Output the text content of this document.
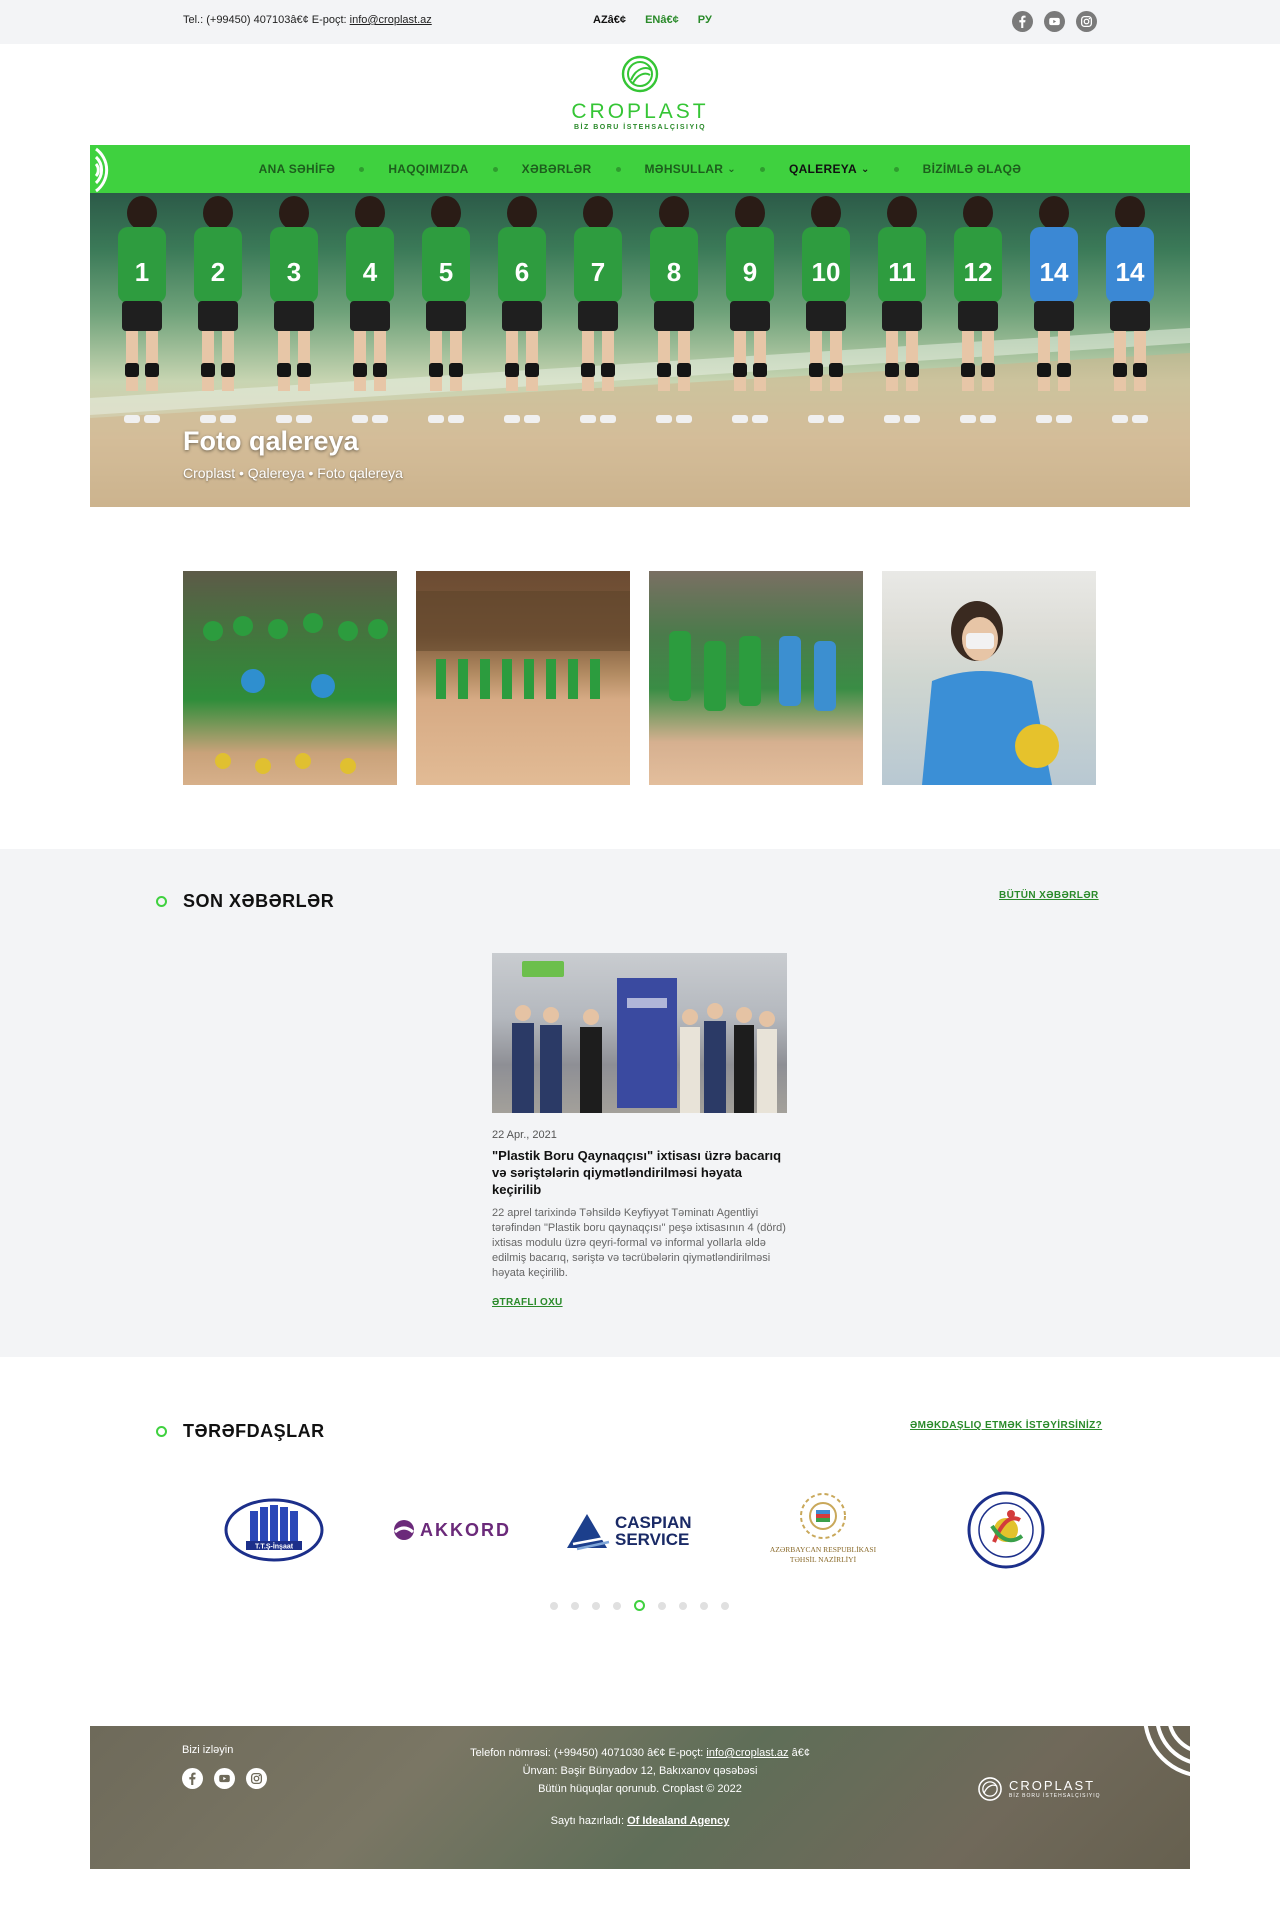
Tel.: (+99450) 407103â€¢ E-poçt: info@croplast.az	AZâ€¢ ENâ€¢ РУ
CROPLAST
BİZ BORU İSTEHSALÇISIYIQ
ANA SƏHİFƏ	HAQQIMIZDA	XƏBƏRLƏR	MƏHSULLAR ⌄	QALEREYA ⌄	BİZİMLƏ ƏLAQƏ
1 2 3 4 5 6 7 8 9 10 11 12 14 14
Foto qalereya
Croplast • Qalereya • Foto qalereya
SON XƏBƏRLƏR	BÜTÜN XƏBƏRLƏR
22 Apr., 2021
"Plastik Boru Qaynaqçısı" ixtisası üzrə bacarıq və səriştələrin qiymətləndirilməsi həyata keçirilib
22 aprel tarixində Təhsildə Keyfiyyət Təminatı Agentliyi tərəfindən "Plastik boru qaynaqçısı" peşə ixtisasının 4 (dörd) ixtisas modulu üzrə qeyri-formal və informal yollarla əldə edilmiş bacarıq, səriştə və təcrübələrin qiymətləndirilməsi həyata keçirilib.
ƏTRAFLI OXU
TƏRƏFDAŞLAR	ƏMƏKDAŞLIQ ETMƏK İSTƏYİRSİNİZ?
T.T.Ş-İnşaat
AKKORD	CASPIAN
SERVICE
AZƏRBAYCAN RESPUBLİKASI
TƏHSİL NAZİRLİYİ
Bizi izləyin	Telefon nömrəsi: (+99450) 4071030 â€¢ E-poçt: info@croplast.az â€¢
Ünvan: Bəşir Bünyadov 12, Bakıxanov qəsəbəsi
Bütün hüquqlar qorunub. Croplast © 2022
Saytı hazırladı: Of Idealand Agency
CROPLAST
BİZ BORU İSTEHSALÇISIYIQ
